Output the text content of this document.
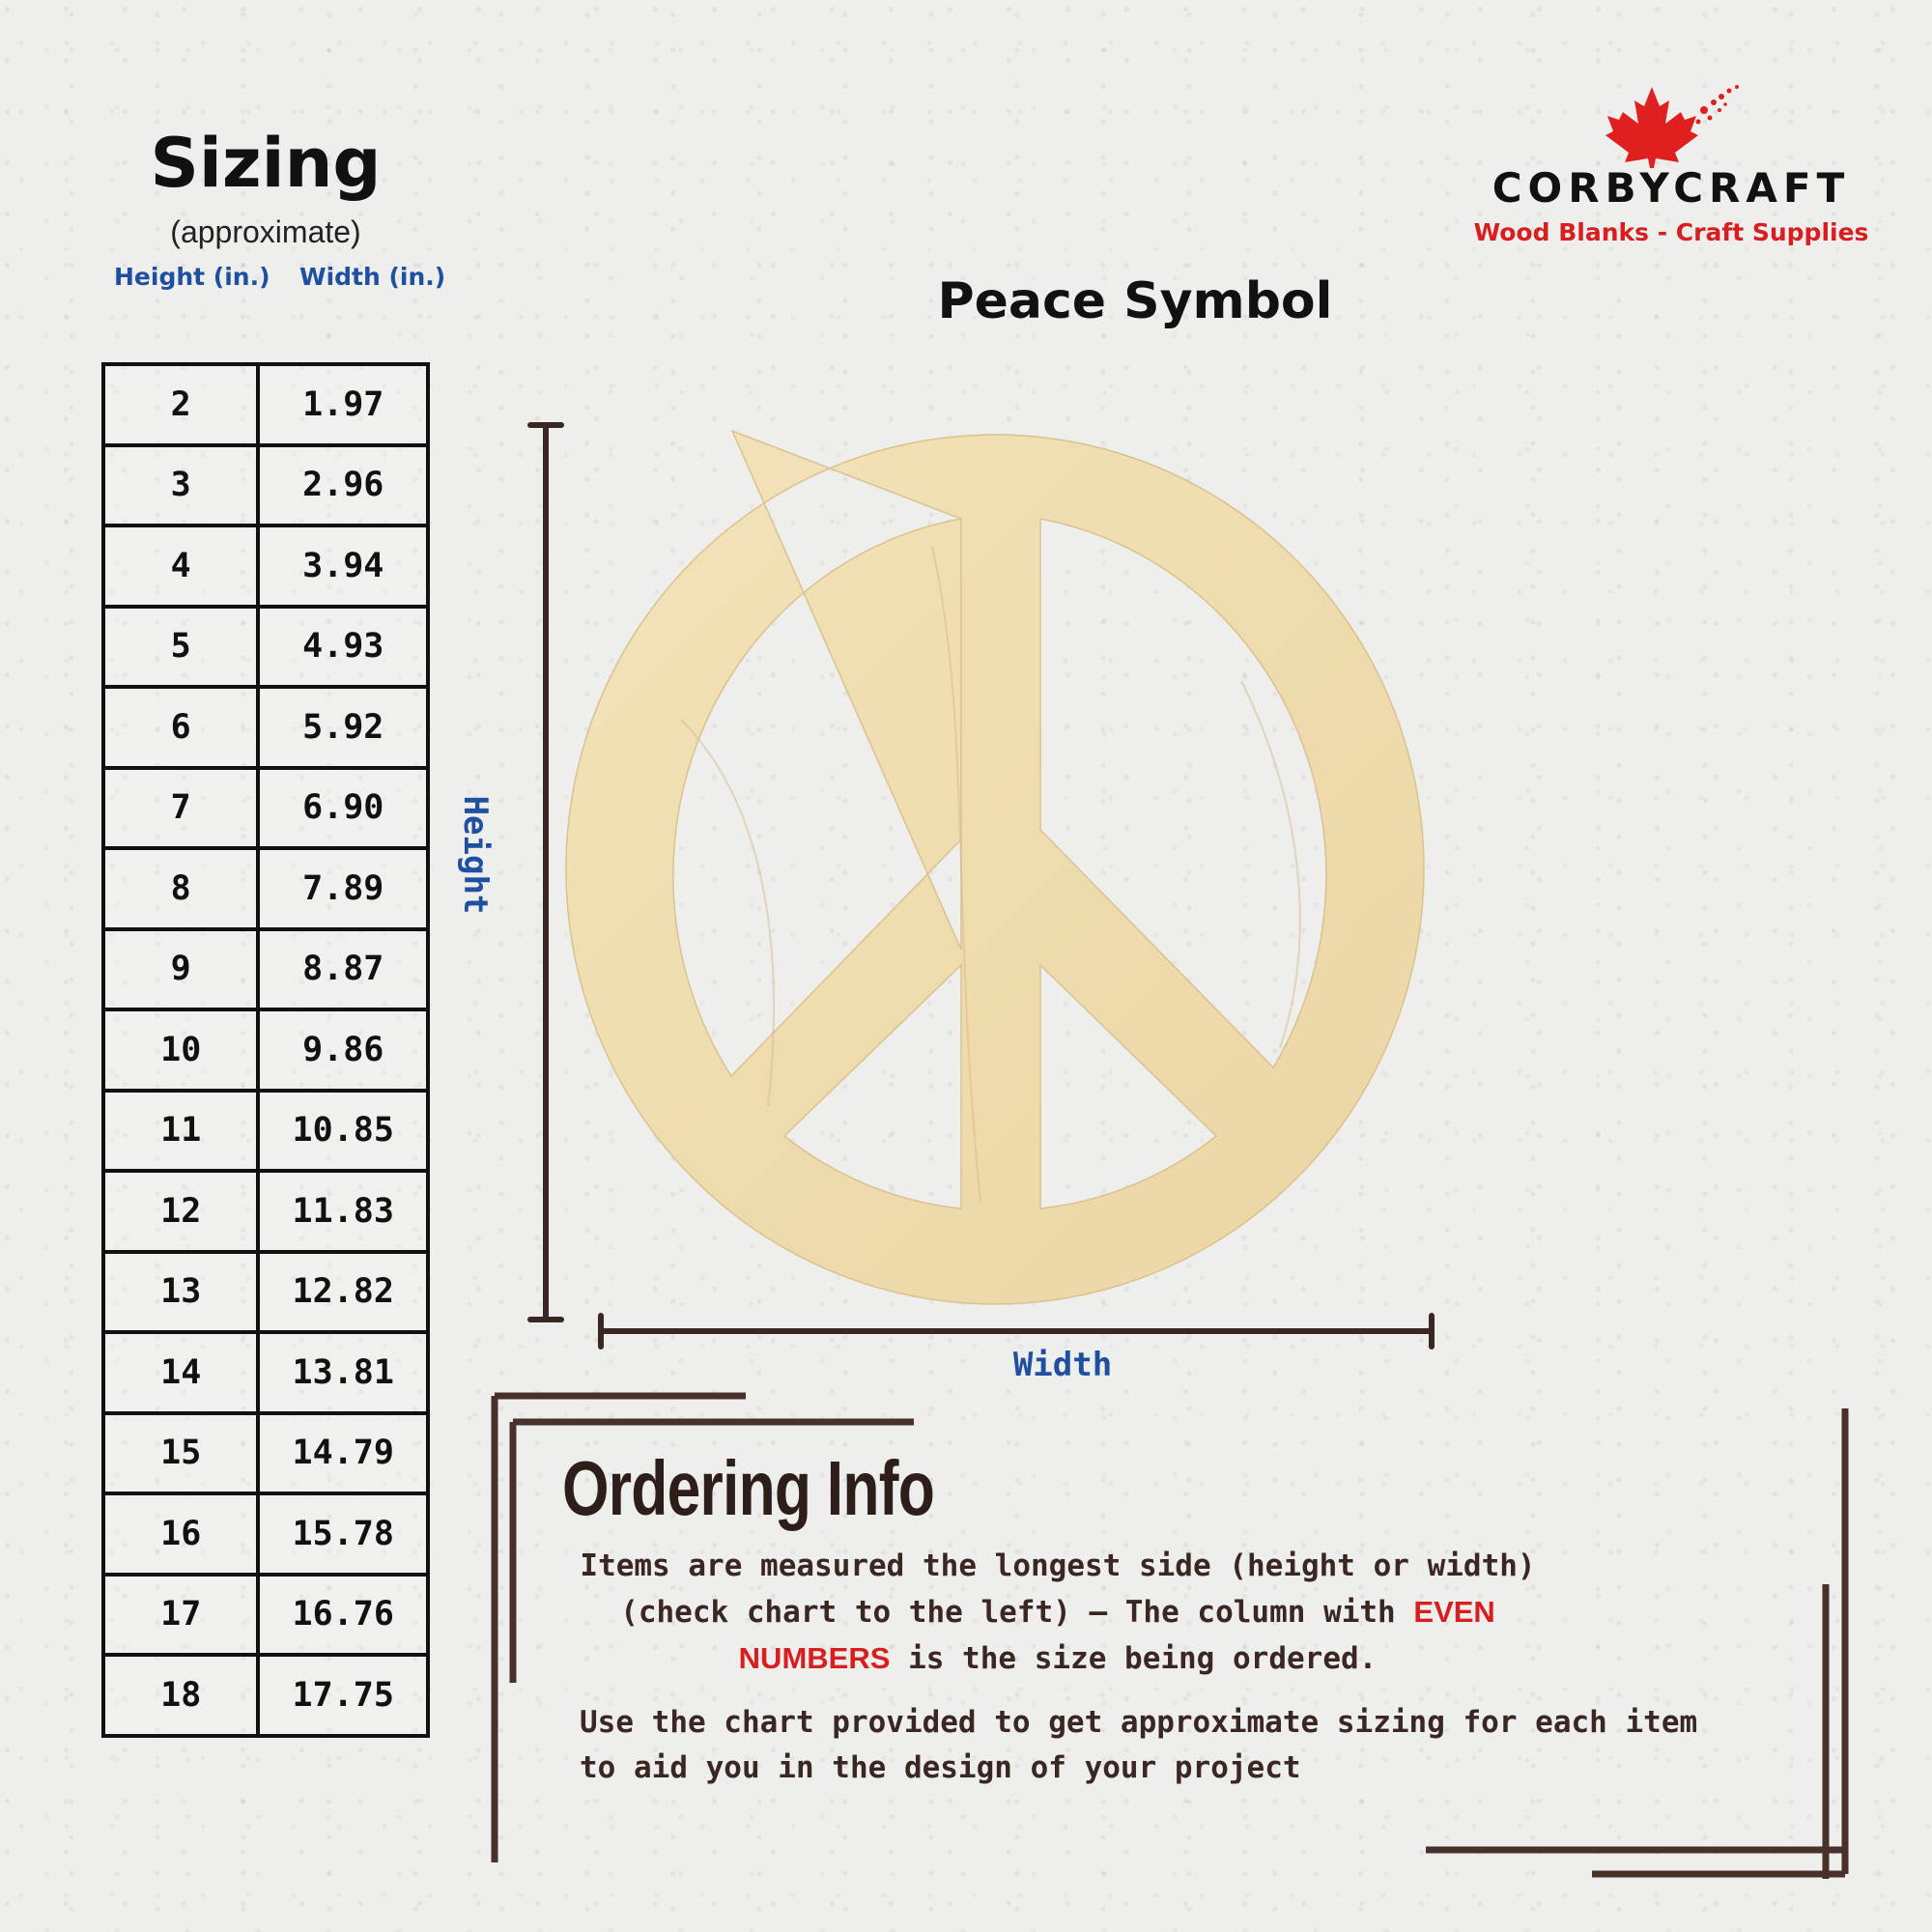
Sizing
(approximate)
Height (in.) Width (in.)
2	1.97
3	2.96
4	3.94
5	4.93
6	5.92
7	6.90
8	7.89
9	8.87
10	9.86
11	10.85
12	11.83
13	12.82
14	13.81
15	14.79
16	15.78
17	16.76
18	17.75
CORBYCRAFT
Wood Blanks - Craft Supplies
Peace Symbol
Height
Width
Ordering Info
Items are measured the longest side (height or width) (check chart to the left) – The column with EVEN NUMBERS is the size being ordered.
Use the chart provided to get approximate sizing for each item to aid you in the design of your project
